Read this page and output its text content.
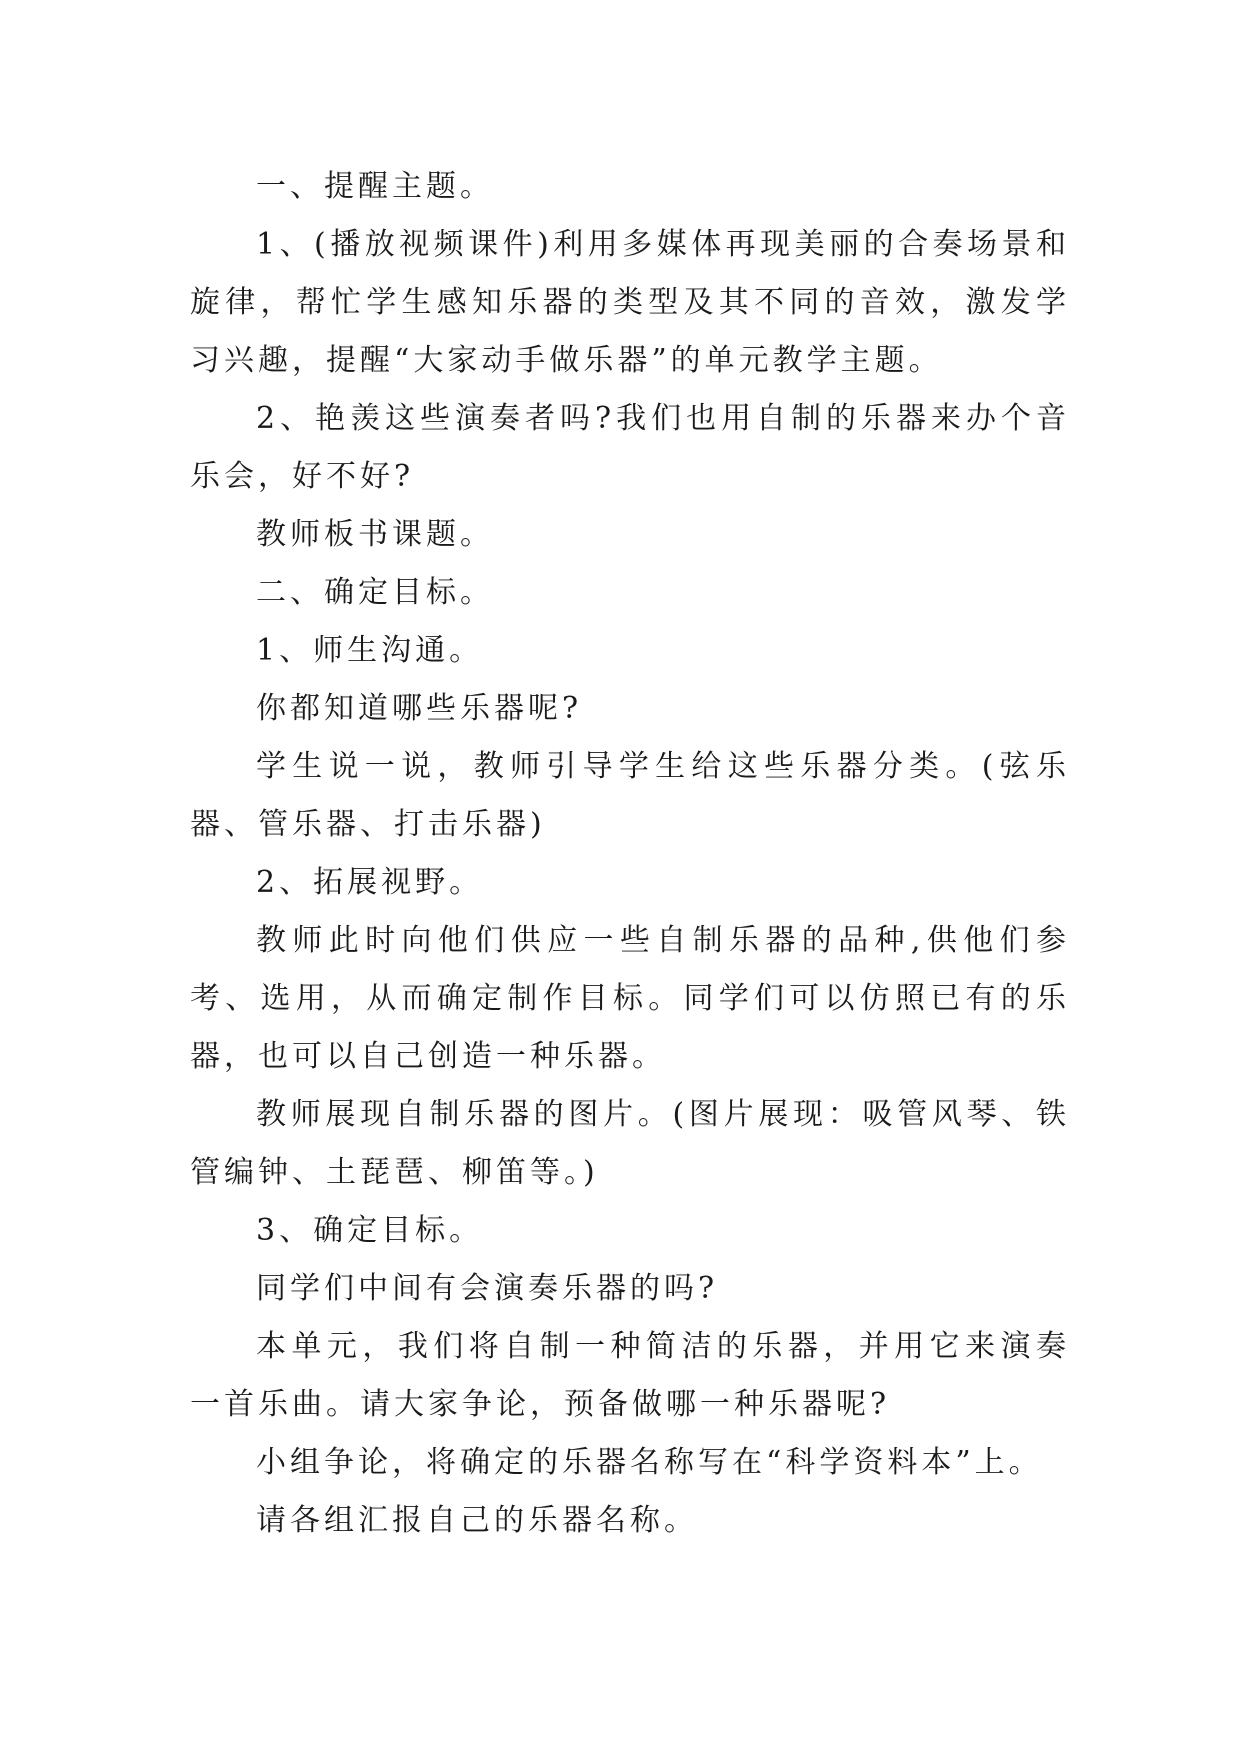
一、提醒主题。

1、(播放视频课件)利用多媒体再现美丽的合奏场景和旋律，帮忙学生感知乐器的类型及其不同的音效，激发学习兴趣，提醒“大家动手做乐器”的单元教学主题。

2、艳羡这些演奏者吗?我们也用自制的乐器来办个音乐会，好不好?

教师板书课题。

二、确定目标。

1、师生沟通。

你都知道哪些乐器呢?

学生说一说，教师引导学生给这些乐器分类。(弦乐器、管乐器、打击乐器)

2、拓展视野。

教师此时向他们供应一些自制乐器的品种,供他们参考、选用，从而确定制作目标。同学们可以仿照已有的乐器，也可以自己创造一种乐器。

教师展现自制乐器的图片。(图片展现：吸管风琴、铁管编钟、土琵琶、柳笛等。)

3、确定目标。

同学们中间有会演奏乐器的吗?

本单元，我们将自制一种简洁的乐器，并用它来演奏一首乐曲。请大家争论，预备做哪一种乐器呢?

小组争论，将确定的乐器名称写在“科学资料本”上。

请各组汇报自己的乐器名称。
